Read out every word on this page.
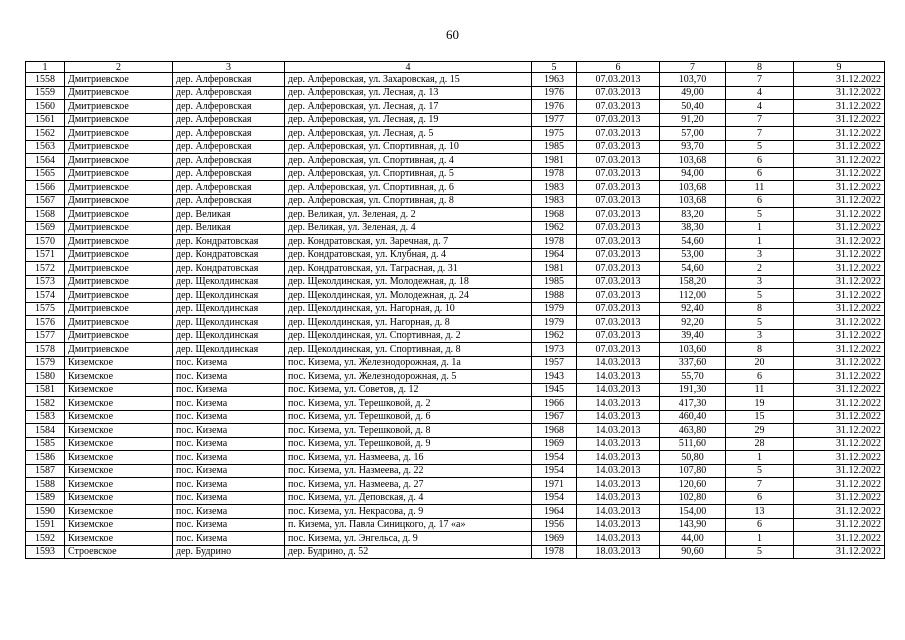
60
1	2	3	4	5	6	7	8	9
1558	Дмитриевское	дер. Алферовская	дер. Алферовская, ул. Захаровская, д. 15	1963	07.03.2013	103,70	7	31.12.2022
1559	Дмитриевское	дер. Алферовская	дер. Алферовская, ул. Лесная, д. 13	1976	07.03.2013	49,00	4	31.12.2022
1560	Дмитриевское	дер. Алферовская	дер. Алферовская, ул. Лесная, д. 17	1976	07.03.2013	50,40	4	31.12.2022
1561	Дмитриевское	дер. Алферовская	дер. Алферовская, ул. Лесная, д. 19	1977	07.03.2013	91,20	7	31.12.2022
1562	Дмитриевское	дер. Алферовская	дер. Алферовская, ул. Лесная, д. 5	1975	07.03.2013	57,00	7	31.12.2022
1563	Дмитриевское	дер. Алферовская	дер. Алферовская, ул. Спортивная, д. 10	1985	07.03.2013	93,70	5	31.12.2022
1564	Дмитриевское	дер. Алферовская	дер. Алферовская, ул. Спортивная, д. 4	1981	07.03.2013	103,68	6	31.12.2022
1565	Дмитриевское	дер. Алферовская	дер. Алферовская, ул. Спортивная, д. 5	1978	07.03.2013	94,00	6	31.12.2022
1566	Дмитриевское	дер. Алферовская	дер. Алферовская, ул. Спортивная, д. 6	1983	07.03.2013	103,68	11	31.12.2022
1567	Дмитриевское	дер. Алферовская	дер. Алферовская, ул. Спортивная, д. 8	1983	07.03.2013	103,68	6	31.12.2022
1568	Дмитриевское	дер. Великая	дер. Великая, ул. Зеленая, д. 2	1968	07.03.2013	83,20	5	31.12.2022
1569	Дмитриевское	дер. Великая	дер. Великая, ул. Зеленая, д. 4	1962	07.03.2013	38,30	1	31.12.2022
1570	Дмитриевское	дер. Кондратовская	дер. Кондратовская, ул. Заречная, д. 7	1978	07.03.2013	54,60	1	31.12.2022
1571	Дмитриевское	дер. Кондратовская	дер. Кондратовская, ул. Клубная, д. 4	1964	07.03.2013	53,00	3	31.12.2022
1572	Дмитриевское	дер. Кондратовская	дер. Кондратовская, ул. Тагрaсная, д. 31	1981	07.03.2013	54,60	2	31.12.2022
1573	Дмитриевское	дер. Щеколдинская	дер. Щеколдинская, ул. Молодежная, д. 18	1985	07.03.2013	158,20	3	31.12.2022
1574	Дмитриевское	дер. Щеколдинская	дер. Щеколдинская, ул. Молодежная, д. 24	1988	07.03.2013	112,00	5	31.12.2022
1575	Дмитриевское	дер. Щеколдинская	дер. Щеколдинская, ул. Нагорная, д. 10	1979	07.03.2013	92,40	8	31.12.2022
1576	Дмитриевское	дер. Щеколдинская	дер. Щеколдинская, ул. Нагорная, д. 8	1979	07.03.2013	92,20	5	31.12.2022
1577	Дмитриевское	дер. Щеколдинская	дер. Щеколдинская, ул. Спортивная, д. 2	1962	07.03.2013	39,40	3	31.12.2022
1578	Дмитриевское	дер. Щеколдинская	дер. Щеколдинская, ул. Спортивная, д. 8	1973	07.03.2013	103,60	8	31.12.2022
1579	Киземское	пос. Кизема	пос. Кизема, ул. Железнодорожная, д. 1а	1957	14.03.2013	337,60	20	31.12.2022
1580	Киземское	пос. Кизема	пос. Кизема, ул. Железнодорожная, д. 5	1943	14.03.2013	55,70	6	31.12.2022
1581	Киземское	пос. Кизема	пос. Кизема, ул. Советов, д. 12	1945	14.03.2013	191,30	11	31.12.2022
1582	Киземское	пос. Кизема	пос. Кизема, ул. Терешковой, д. 2	1966	14.03.2013	417,30	19	31.12.2022
1583	Киземское	пос. Кизема	пос. Кизема, ул. Терешковой, д. 6	1967	14.03.2013	460,40	15	31.12.2022
1584	Киземское	пос. Кизема	пос. Кизема, ул. Терешковой, д. 8	1968	14.03.2013	463,80	29	31.12.2022
1585	Киземское	пос. Кизема	пос. Кизема, ул. Терешковой, д. 9	1969	14.03.2013	511,60	28	31.12.2022
1586	Киземское	пос. Кизема	пос. Кизема, ул. Назмеева, д. 16	1954	14.03.2013	50,80	1	31.12.2022
1587	Киземское	пос. Кизема	пос. Кизема, ул. Назмеева, д. 22	1954	14.03.2013	107,80	5	31.12.2022
1588	Киземское	пос. Кизема	пос. Кизема, ул. Назмеева, д. 27	1971	14.03.2013	120,60	7	31.12.2022
1589	Киземское	пос. Кизема	пос. Кизема, ул. Деповская, д. 4	1954	14.03.2013	102,80	6	31.12.2022
1590	Киземское	пос. Кизема	пос. Кизема, ул. Некрасова, д. 9	1964	14.03.2013	154,00	13	31.12.2022
1591	Киземское	пос. Кизема	п. Кизема, ул. Павла Синицкого, д. 17 «а»	1956	14.03.2013	143,90	6	31.12.2022
1592	Киземское	пос. Кизема	пос. Кизема, ул. Энгельса, д. 9	1969	14.03.2013	44,00	1	31.12.2022
1593	Строевское	дер. Будрино	дер. Будрино, д. 52	1978	18.03.2013	90,60	5	31.12.2022
